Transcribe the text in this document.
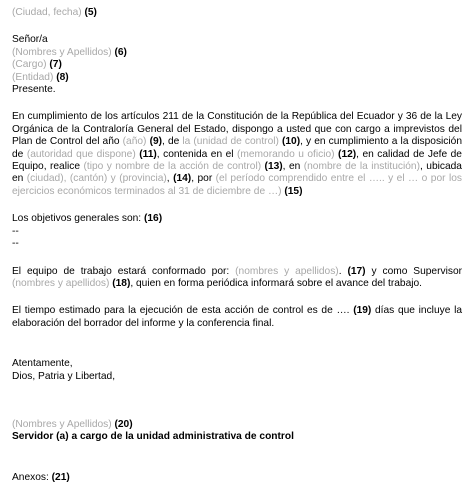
(Ciudad, fecha) (5)
Señor/a
(Nombres y Apellidos) (6)
(Cargo) (7)
(Entidad) (8)
Presente.

En cumplimiento de los artículos 211 de la Constitución de la República del Ecuador y 36 de la Ley Orgánica de la Contraloría General del Estado, dispongo a usted que con cargo a imprevistos del Plan de Control del año (año) (9), de la (unidad de control) (10), y en cumplimiento a la disposición de (autoridad que dispone) (11), contenida en el (memorando u oficio) (12), en calidad de Jefe de Equipo, realice (tipo y nombre de la acción de control) (13), en (nombre de la institución), ubicada en (ciudad), (cantón) y (provincia), (14), por (el período comprendido entre el ….. y el … o por los ejercicios económicos terminados al 31 de diciembre de …) (15)

Los objetivos generales son: (16)
--
--

El equipo de trabajo estará conformado por: (nombres y apellidos). (17) y como Supervisor (nombres y apellidos) (18), quien en forma periódica informará sobre el avance del trabajo.

El tiempo estimado para la ejecución de esta acción de control es de …. (19) días que incluye la elaboración del borrador del informe y la conferencia final.

Atentamente,
Dios, Patria y Libertad,
(Nombres y Apellidos) (20)
Servidor (a) a cargo de la unidad administrativa de control
Anexos: (21)
